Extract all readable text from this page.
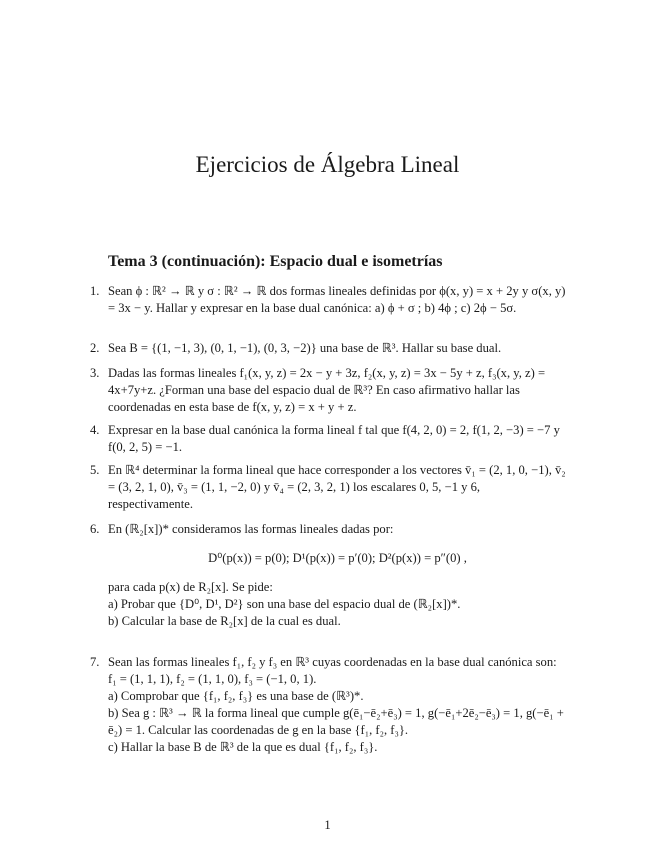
Ejercicios de Álgebra Lineal
Tema 3 (continuación): Espacio dual e isometrías
1. Sean ϕ : ℝ² → ℝ y σ : ℝ² → ℝ dos formas lineales definidas por ϕ(x, y) = x + 2y y σ(x, y) = 3x − y. Hallar y expresar en la base dual canónica: a) ϕ + σ ; b) 4ϕ ; c) 2ϕ − 5σ.

2. Sea B = {(1, −1, 3), (0, 1, −1), (0, 3, −2)} una base de ℝ³. Hallar su base dual.

3. Dadas las formas lineales f₁(x, y, z) = 2x − y + 3z, f₂(x, y, z) = 3x − 5y + z, f₃(x, y, z) = 4x+7y+z. ¿Forman una base del espacio dual de ℝ³? En caso afirmativo hallar las coordenadas en esta base de f(x, y, z) = x + y + z.

4. Expresar en la base dual canónica la forma lineal f tal que f(4, 2, 0) = 2, f(1, 2, −3) = −7 y f(0, 2, 5) = −1.

5. En ℝ⁴ determinar la forma lineal que hace corresponder a los vectores v̄₁ = (2, 1, 0, −1), v̄₂ = (3, 2, 1, 0), v̄₃ = (1, 1, −2, 0) y v̄₄ = (2, 3, 2, 1) los escalares 0, 5, −1 y 6, respectivamente.

6. En (ℝ₂[x])* consideramos las formas lineales dadas por:

D⁰(p(x)) = p(0); D¹(p(x)) = p′(0); D²(p(x)) = p″(0) ,

para cada p(x) de R₂[x]. Se pide:

a) Probar que {D⁰, D¹, D²} son una base del espacio dual de (ℝ₂[x])*.

b) Calcular la base de R₂[x] de la cual es dual.

7. Sean las formas lineales f₁, f₂ y f₃ en ℝ³ cuyas coordenadas en la base dual canónica son: f₁ = (1, 1, 1), f₂ = (1, 1, 0), f₃ = (−1, 0, 1).

a) Comprobar que {f₁, f₂, f₃} es una base de (ℝ³)*.

b) Sea g : ℝ³ → ℝ la forma lineal que cumple g(ē₁−ē₂+ē₃) = 1, g(−ē₁+2ē₂−ē₃) = 1, g(−ē₁ + ē₂) = 1. Calcular las coordenadas de g en la base {f₁, f₂, f₃}.

c) Hallar la base B de ℝ³ de la que es dual {f₁, f₂, f₃}.

1
